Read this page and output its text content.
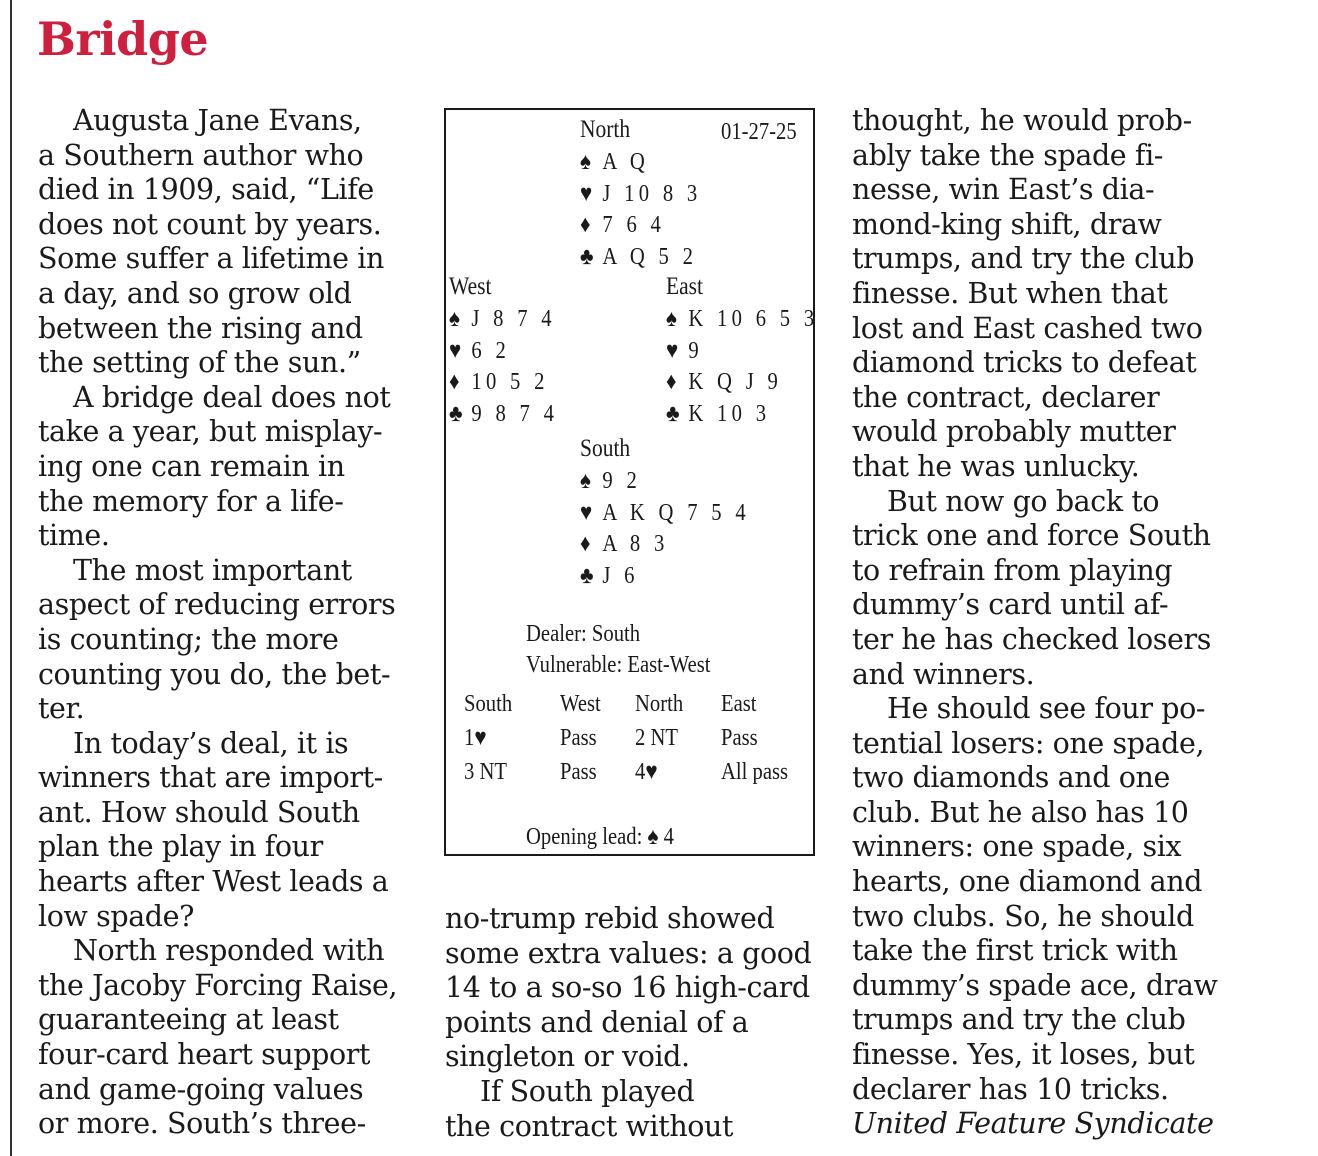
Bridge
Augusta Jane Evans,
a Southern author who
died in 1909, said, “Life
does not count by years.
Some suffer a lifetime in
a day, and so grow old
between the rising and
the setting of the sun.”
A bridge deal does not
take a year, but misplay-
ing one can remain in
the memory for a life-
time.
The most important
aspect of reducing errors
is counting; the more
counting you do, the bet-
ter.
In today’s deal, it is
winners that are import-
ant. How should South
plan the play in four
hearts after West leads a
low spade?
North responded with
the Jacoby Forcing Raise,
guaranteeing at least
four-card heart support
and game-going values
or more. South’s three-
01-27-25
North
♠ A Q
♥ J 10 8 3
♦ 7 6 4
♣ A Q 5 2
West
♠ J 8 7 4
♥ 6 2
♦ 10 5 2
♣ 9 8 7 4
East
♠ K 10 6 5 3
♥ 9
♦ K Q J 9
♣ K 10 3
South
♠ 9 2
♥ A K Q 7 5 4
♦ A 8 3
♣ J 6
Dealer: South
Vulnerable: East-West
South West North East
1♥	Pass 2 NT Pass
3 NT Pass 4♥	All pass
Opening lead: ♠ 4
no-trump rebid showed
some extra values: a good
14 to a so-so 16 high-card
points and denial of a
singleton or void.
If South played
the contract without
thought, he would prob-
ably take the spade fi-
nesse, win East’s dia-
mond-king shift, draw
trumps, and try the club
finesse. But when that
lost and East cashed two
diamond tricks to defeat
the contract, declarer
would probably mutter
that he was unlucky.
But now go back to
trick one and force South
to refrain from playing
dummy’s card until af-
ter he has checked losers
and winners.
He should see four po-
tential losers: one spade,
two diamonds and one
club. But he also has 10
winners: one spade, six
hearts, one diamond and
two clubs. So, he should
take the first trick with
dummy’s spade ace, draw
trumps and try the club
finesse. Yes, it loses, but
declarer has 10 tricks.
United Feature Syndicate
